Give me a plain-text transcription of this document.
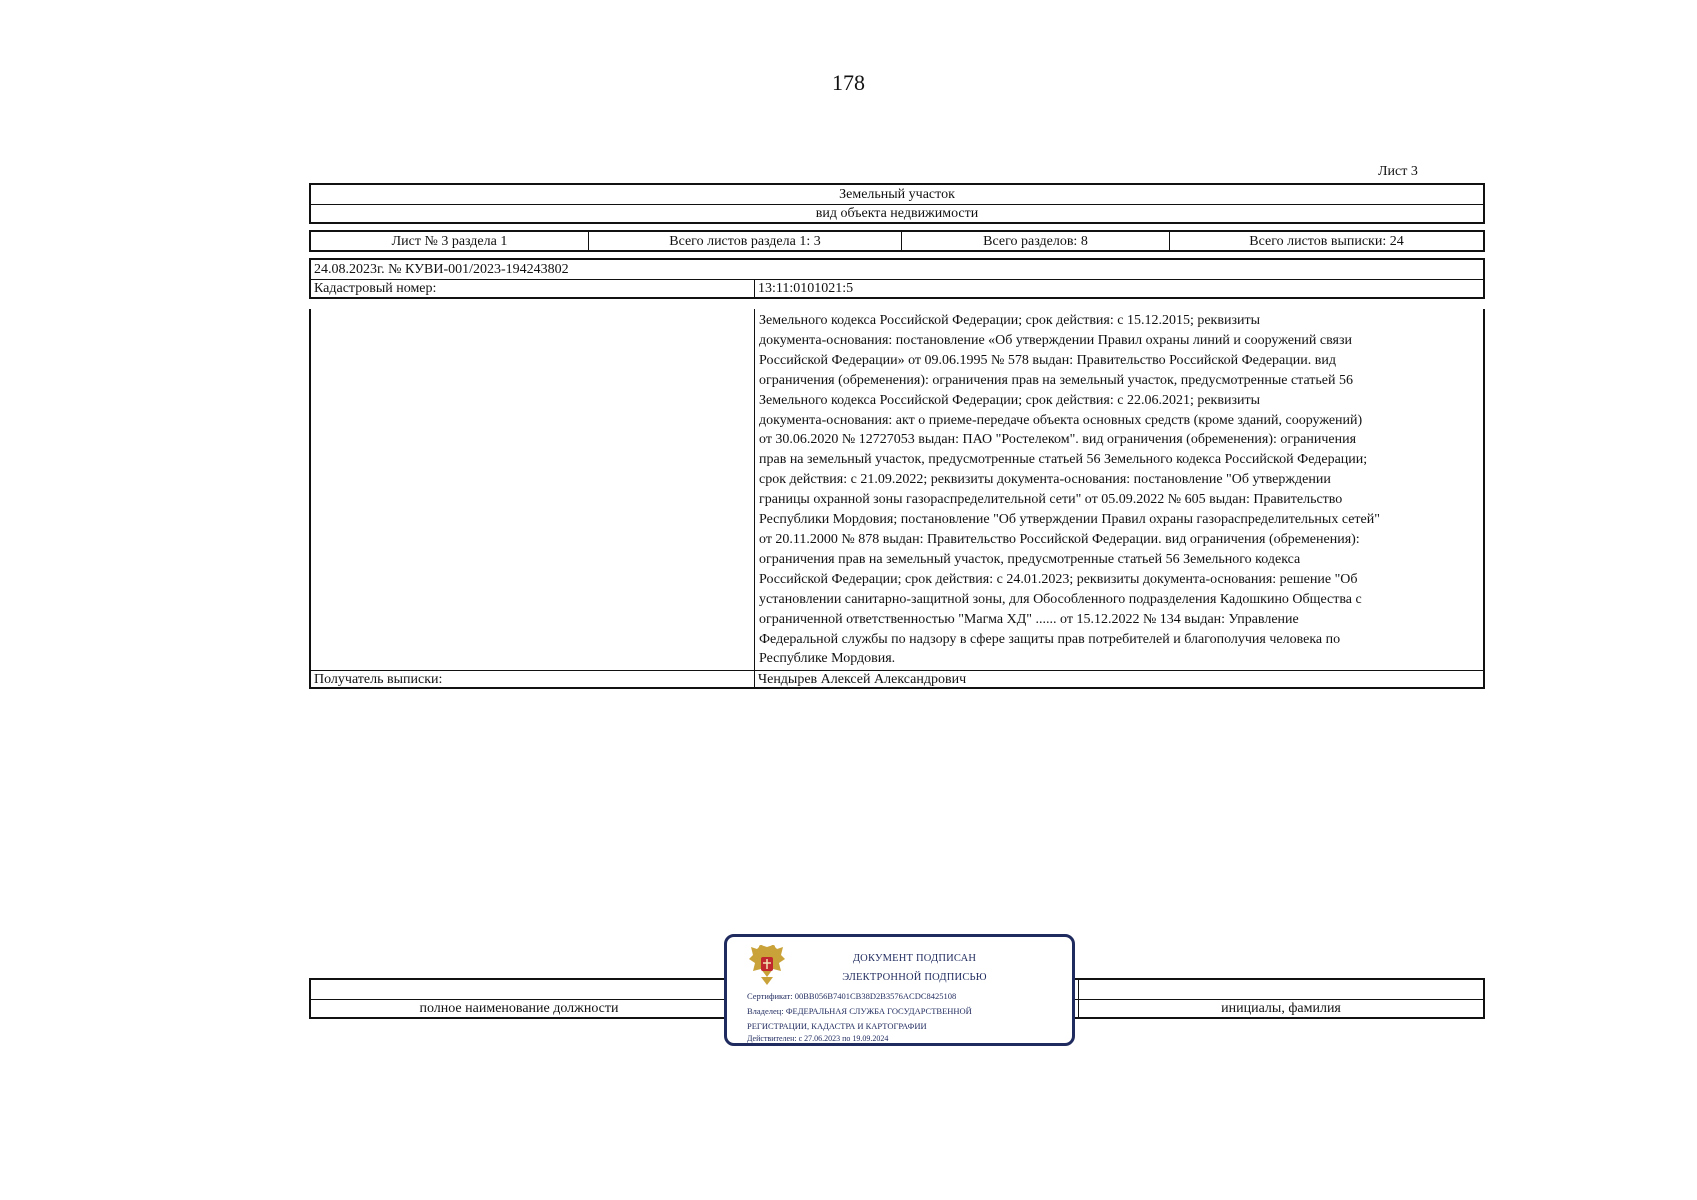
178
Лист 3
Земельный участок
вид объекта недвижимости
Лист № 3 раздела 1	Всего листов раздела 1: 3	Всего разделов: 8	Всего листов выписки: 24
24.08.2023г. № КУВИ-001/2023-194243802
Кадастровый номер:	13:11:0101021:5
Земельного кодекса Российской Федерации; срок действия: с 15.12.2015; реквизиты
документа-основания: постановление «Об утверждении Правил охраны линий и сооружений связи
Российской Федерации» от 09.06.1995 № 578 выдан: Правительство Российской Федерации. вид
ограничения (обременения): ограничения прав на земельный участок, предусмотренные статьей 56
Земельного кодекса Российской Федерации; срок действия: с 22.06.2021; реквизиты
документа-основания: акт о приеме-передаче объекта основных средств (кроме зданий, сооружений)
от 30.06.2020 № 12727053 выдан: ПАО "Ростелеком". вид ограничения (обременения): ограничения
прав на земельный участок, предусмотренные статьей 56 Земельного кодекса Российской Федерации;
срок действия: с 21.09.2022; реквизиты документа-основания: постановление "Об утверждении
границы охранной зоны газораспределительной сети" от 05.09.2022 № 605 выдан: Правительство
Республики Мордовия; постановление "Об утверждении Правил охраны газораспределительных сетей"
от 20.11.2000 № 878 выдан: Правительство Российской Федерации. вид ограничения (обременения):
ограничения прав на земельный участок, предусмотренные статьей 56 Земельного кодекса
Российской Федерации; срок действия: с 24.01.2023; реквизиты документа-основания: решение "Об
установлении санитарно-защитной зоны, для Обособленного подразделения Кадошкино Общества с
ограниченной ответственностью "Магма ХД" ...... от 15.12.2022 № 134 выдан: Управление
Федеральной службы по надзору в сфере защиты прав потребителей и благополучия человека по
Республике Мордовия.
Получатель выписки:	Чендырев Алексей Александрович
полное наименование должности	инициалы, фамилия
ДОКУМЕНТ ПОДПИСАН
ЭЛЕКТРОННОЙ ПОДПИСЬЮ
Сертификат: 00BB056B7401CB38D2B3576ACDC8425108
Владелец: ФЕДЕРАЛЬНАЯ СЛУЖБА ГОСУДАРСТВЕННОЙ
РЕГИСТРАЦИИ, КАДАСТРА И КАРТОГРАФИИ
Действителен: с 27.06.2023 по 19.09.2024
